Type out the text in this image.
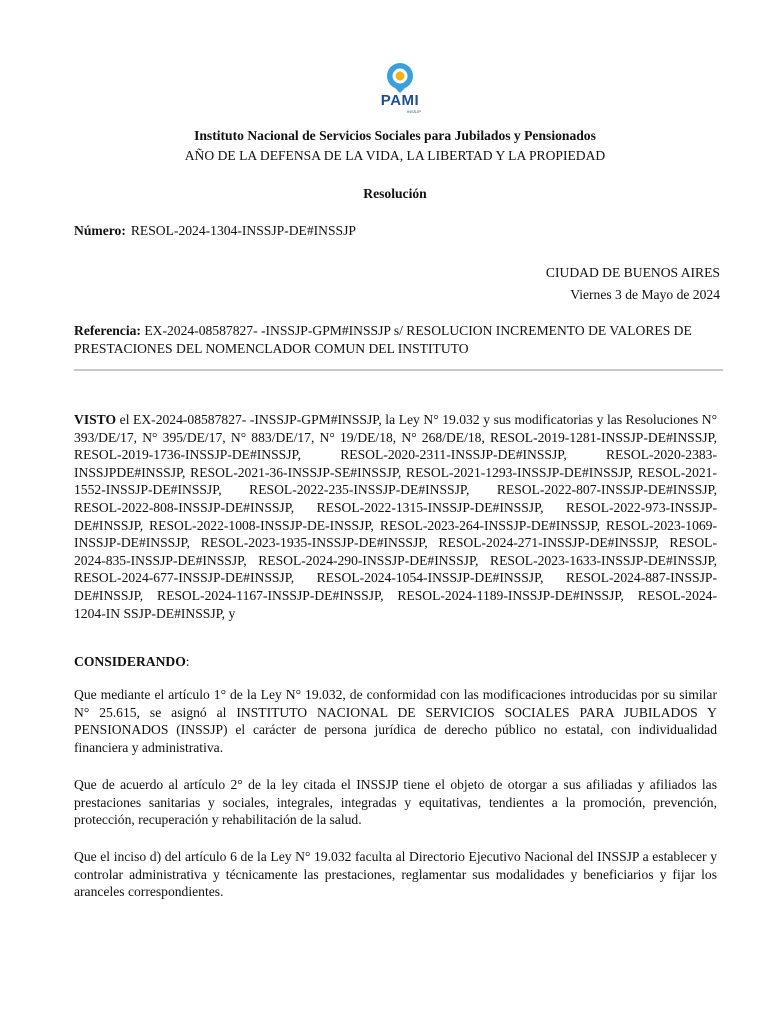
PAMI
INSSJP
Instituto Nacional de Servicios Sociales para Jubilados y Pensionados
AÑO DE LA DEFENSA DE LA VIDA, LA LIBERTAD Y LA PROPIEDAD
Resolución
Número: RESOL-2024-1304-INSSJP-DE#INSSJP
CIUDAD DE BUENOS AIRES
Viernes 3 de Mayo de 2024
Referencia: EX-2024-08587827- -INSSJP-GPM#INSSJP s/ RESOLUCION INCREMENTO DE VALORES DE PRESTACIONES DEL NOMENCLADOR COMUN DEL INSTITUTO
VISTO el EX-2024-08587827- -INSSJP-GPM#INSSJP, la Ley N° 19.032 y sus modificatorias y las Resoluciones N° 393/DE/17, N° 395/DE/17, N° 883/DE/17, N° 19/DE/18, N° 268/DE/18, RESOL-2019-1281-INSSJP-DE#INSSJP, RESOL-2019-1736-INSSJP-DE#INSSJP, RESOL-2020-2311-INSSJP-DE#INSSJP, RESOL-2020-2383-INSSJPDE#INSSJP, RESOL-2021-36-INSSJP-SE#INSSJP, RESOL-2021-1293-INSSJP-DE#INSSJP, RESOL-2021-1552-INSSJP-DE#INSSJP, RESOL-2022-235-INSSJP-DE#INSSJP, RESOL-2022-807-INSSJP-DE#INSSJP, RESOL-2022-808-INSSJP-DE#INSSJP, RESOL-2022-1315-INSSJP-DE#INSSJP, RESOL-2022-973-INSSJP-DE#INSSJP, RESOL-2022-1008-INSSJP-DE-INSSJP, RESOL-2023-264-INSSJP-DE#INSSJP, RESOL-2023-1069-INSSJP-DE#INSSJP, RESOL-2023-1935-INSSJP-DE#INSSJP, RESOL-2024-271-INSSJP-DE#INSSJP, RESOL-2024-835-INSSJP-DE#INSSJP, RESOL-2024-290-INSSJP-DE#INSSJP, RESOL-2023-1633-INSSJP-DE#INSSJP, RESOL-2024-677-INSSJP-DE#INSSJP, RESOL-2024-1054-INSSJP-DE#INSSJP, RESOL-2024-887-INSSJP-DE#INSSJP, RESOL-2024-1167-INSSJP-DE#INSSJP, RESOL-2024-1189-INSSJP-DE#INSSJP, RESOL-2024-1204-IN SSJP-DE#INSSJP, y
CONSIDERANDO:
Que mediante el artículo 1° de la Ley N° 19.032, de conformidad con las modificaciones introducidas por su similar N° 25.615, se asignó al INSTITUTO NACIONAL DE SERVICIOS SOCIALES PARA JUBILADOS Y PENSIONADOS (INSSJP) el carácter de persona jurídica de derecho público no estatal, con individualidad financiera y administrativa.
Que de acuerdo al artículo 2° de la ley citada el INSSJP tiene el objeto de otorgar a sus afiliadas y afiliados las prestaciones sanitarias y sociales, integrales, integradas y equitativas, tendientes a la promoción, prevención, protección, recuperación y rehabilitación de la salud.
Que el inciso d) del artículo 6 de la Ley N° 19.032 faculta al Directorio Ejecutivo Nacional del INSSJP a establecer y controlar administrativa y técnicamente las prestaciones, reglamentar sus modalidades y beneficiarios y fijar los aranceles correspondientes.
